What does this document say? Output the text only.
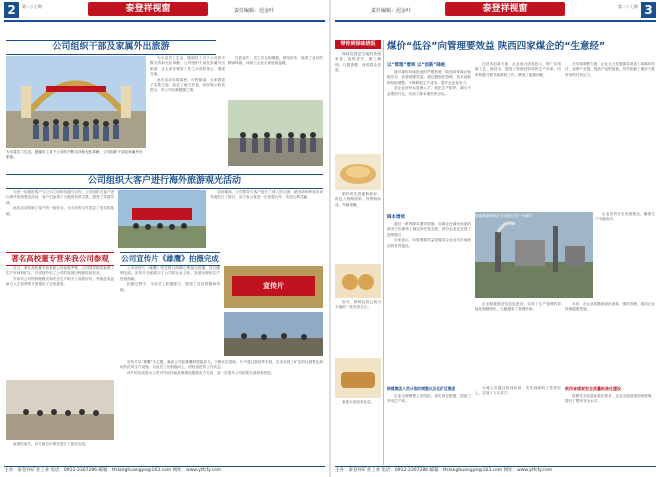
2	第二十七期	泰登祥视窗	责任编辑：迟金叶
公司组织干部及家属外出旅游
为丰富员工生活，感谢员工对于公司的不断支持和无私奉献，公司组织干部及家属外出旅游。

为丰富员工生活，感谢员工对于公司的不断支持和无私奉献，公司组织干部及家属外出旅游，让大家在紧张工作之余放松身心，增进交流。

此次活动安排周密，行程紧凑，大家游览了名胜古迹，品尝了地方美食，纷纷表示收获很大，对公司充满感激之情。

在旅途中，员工们互相照顾，团结协作，展现了良好的精神风貌，体现了企业大家庭的温暖。

公司组织大客户进行海外旅游观光活动

为进一步增进客户与公司之间的沟通与合作，公司组织大客户进行海外旅游观光活动，客户们参观了当地的风景名胜，感受了异国风情。

此次活动得到了客户的一致好评，为今后的合作奠定了坚实的基础。

活动期间，公司领导与客户进行了深入的交流，就市场形势和未来发展进行了探讨，双方表示将进一步加强合作，实现互利共赢。

著名高校董专营来我公司参观

近日，著名高校董专营来我公司参观考察，公司领导陪同参观了生产车间和矿区，并详细介绍了公司的发展历程和经营状况。

专家对公司的管理模式和安全生产给予了高度评价，并就技术创新与人才培养等方面提出了宝贵意见。

参观结束后，双方就合作事宜进行了座谈交流。

公司宣传片《雄鹰》拍摄完成

公司宣传片《雄鹰》经过数月的精心筹备与拍摄，近日顺利完成。宣传片全面展示了公司的企业文化、发展历程和生产经营面貌。

拍摄过程中，全体员工积极配合，展现了良好的精神风貌。	宣传片

宣传片以“雄鹰”为主题，寓意公司如雄鹰般展翅高飞，不断开拓进取。片中通过航拍等手段，生动呈现了矿区的壮丽景色和现代化的生产设施，以及员工们积极向上、团结奋进的工作状态。

该片的完成将为公司对外宣传和品牌建设提供有力支持，进一步提升公司的知名度和美誉度。

主办：泰登祥矿业工业 电话：0912-2307286 邮箱：tfslanghuangye@163.com 网址：www.ytfcfy.com
责任编辑：迟金叶	泰登祥视窗	第二十七期 3
带你到保味烧饭

保味烧饭是当地的传统美食，选料讲究，做工精细，口感香醇，深受群众喜爱。

制作时先将面粉和好，再包入特制馅料，经烤制而成，外酥里嫩。

如今，保味烧饭已成为当地的一张美食名片。

欢迎大家前来品尝。

煤价“低谷”向管理要效益 陕西四家煤企的“生意经”
以“管理”增效 以“创新”降耗

面对煤价持续低迷的严峻形势，陕西四家煤企积极应对，向管理要效益，通过精细化管理、技术创新和结构调整，不断降低生产成本，提升企业竞争力。

各企业纷纷从管理入手，优化生产组织，减少不必要的开支，实现了降本增效的目标。

在技术创新方面，企业加大研发投入，推广应用新工艺、新技术，提高了资源回收率和生产效率。同时积极开展节能降耗工作，降低了能源消耗。

在结构调整方面，企业大力发展煤炭深加工和循环经济，延伸产业链，提高产品附加值，有效化解了煤价下跌带来的经营压力。

陕煤集团黄陵矿业有限公司一号煤矿	企业坚持安全发展理念，确保生产平稳有序。

降本增效

通过一系列降本增效措施，各煤企在煤价低迷的情况下仍保持了稳定的经营态势，部分企业还实现了逆势增长。

专家表示，向管理要效益是煤炭企业应对市场波动的有效途径。

企业积极推进信息化建设，实现了生产管理的智能化和精细化，大幅提高了管理效率。

未来，各企业将继续深化改革，强化管理，推动企业持续健康发展。

陕煤集团人员分流的调整以及化矿区集团

企业合理调整人员结构，优化岗位配置，提高了劳动生产率。

分流人员通过培训转岗，充实到新的工作岗位上，实现了人尽其才。

陕西省煤炭安全质量标准化建设

按照安全质量标准化要求，企业全面加强现场管理，提升了整体安全水平。

主办：泰登祥矿业工业 电话：0912-2307286 邮箱：tfslanghuangye@163.com 网址：www.ytfcfy.com
